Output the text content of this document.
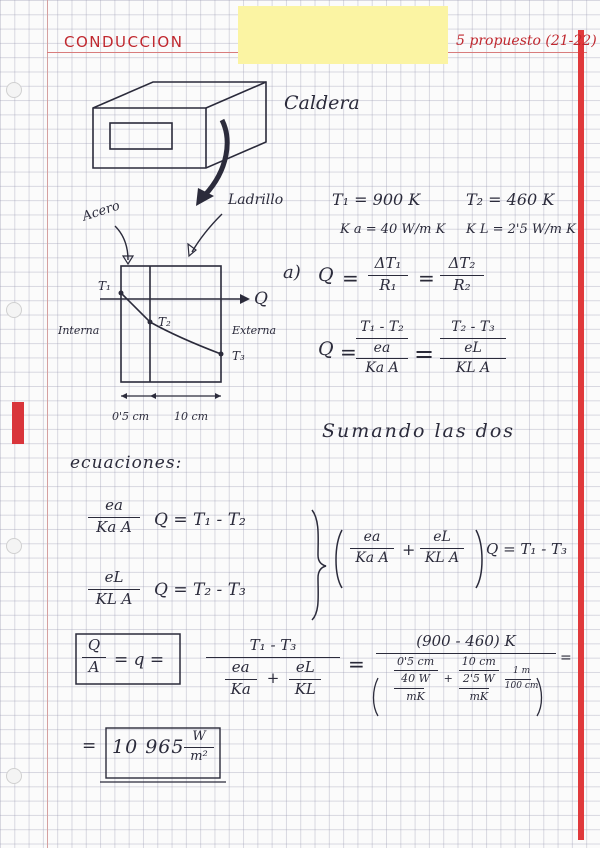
CONDUCCION	5 propuesto (21-22)
Caldera
Acero	Ladrillo
T₁
T₂
T₃
Q
Interna	Externa
0'5 cm 10 cm
T₁ = 900 K	T₂ = 460 K
K a = 40 W/m K K L = 2'5 W/m K
a) Q =
ΔT₁
R₁ =
ΔT₂
R₂
Q =
T₁ - T₂
ea
Ka A
=
T₂ - T₃
eL
KL A
Sumando las dos
ecuaciones:
ea
Ka A Q = T₁ - T₂
eL
KL A Q = T₂ - T₃
ea
Ka A +
eL
KL A Q = T₁ - T₃
Q
A = q =
T₁ - T₃
$\frac{ea}{Ka} + \frac{eL}{KL}$ =
(900 - 460) K
0'5 cm
40 W
mK
+
10 cm
2'5 W
mK
$\frac{1 m}{100 cm}$
=
= 10 965 W
m²
